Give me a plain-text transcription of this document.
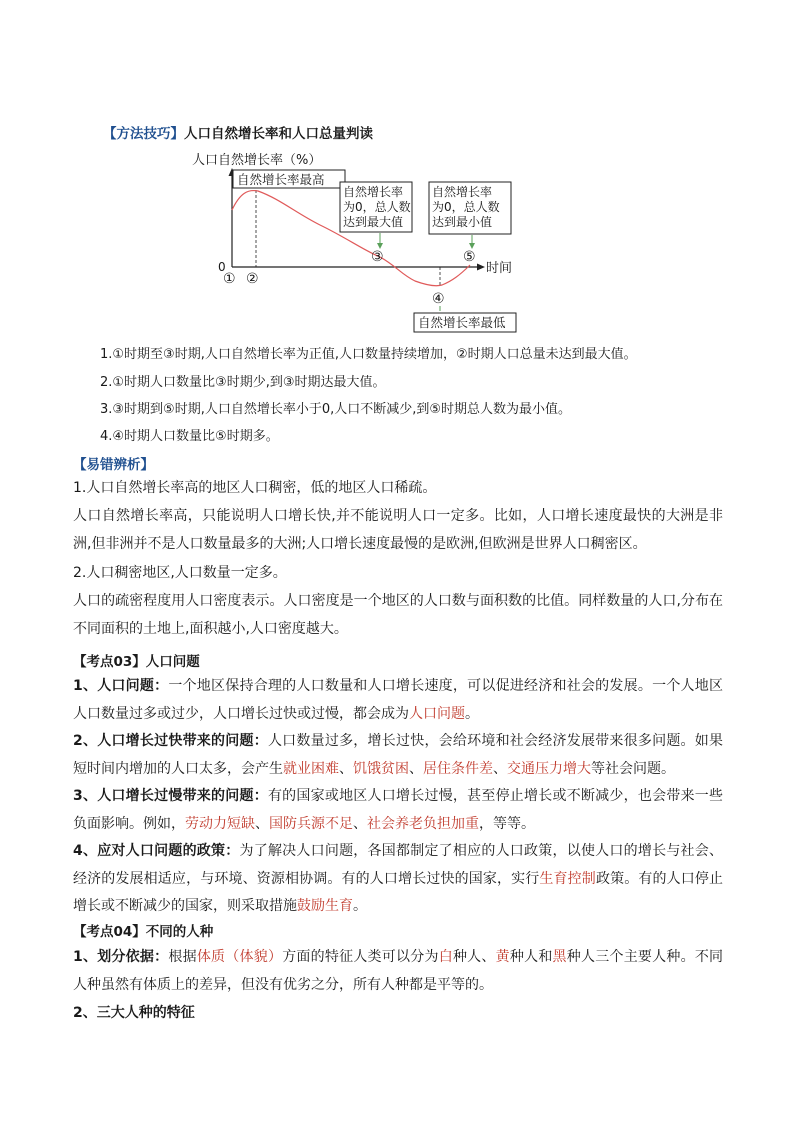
【方法技巧】人口自然增长率和人口总量判读
人口自然增长率（%）
时间
0
自然增长率最高
自然增长率
为0，总人数
达到最大值
自然增长率
为0，总人数
达到最小值
① ②
③
④
⑤
自然增长率最低
1.①时期至③时期,人口自然增长率为正值,人口数量持续增加，②时期人口总量未达到最大值。
2.①时期人口数量比③时期少,到③时期达最大值。
3.③时期到⑤时期,人口自然增长率小于0,人口不断减少,到⑤时期总人数为最小值。
4.④时期人口数量比⑤时期多。
【易错辨析】
1.人口自然增长率高的地区人口稠密，低的地区人口稀疏。
人口自然增长率高，只能说明人口增长快,并不能说明人口一定多。比如，人口增长速度最快的大洲是非洲,但非洲并不是人口数量最多的大洲;人口增长速度最慢的是欧洲,但欧洲是世界人口稠密区。
2.人口稠密地区,人口数量一定多。
人口的疏密程度用人口密度表示。人口密度是一个地区的人口数与面积数的比值。同样数量的人口,分布在不同面积的土地上,面积越小,人口密度越大。
【考点03】人口问题
1、人口问题：一个地区保持合理的人口数量和人口增长速度，可以促进经济和社会的发展。一个人地区人口数量过多或过少，人口增长过快或过慢，都会成为人口问题。
2、人口增长过快带来的问题：人口数量过多，增长过快，会给环境和社会经济发展带来很多问题。如果短时间内增加的人口太多，会产生就业困难、饥饿贫困、居住条件差、交通压力增大等社会问题。
3、人口增长过慢带来的问题：有的国家或地区人口增长过慢，甚至停止增长或不断减少，也会带来一些负面影响。例如，劳动力短缺、国防兵源不足、社会养老负担加重，等等。
4、应对人口问题的政策：为了解决人口问题，各国都制定了相应的人口政策，以使人口的增长与社会、经济的发展相适应，与环境、资源相协调。有的人口增长过快的国家，实行生育控制政策。有的人口停止增长或不断减少的国家，则采取措施鼓励生育。
【考点04】不同的人种
1、划分依据：根据体质（体貌）方面的特征人类可以分为白种人、黄种人和黑种人三个主要人种。不同人种虽然有体质上的差异，但没有优劣之分，所有人种都是平等的。
2、三大人种的特征
